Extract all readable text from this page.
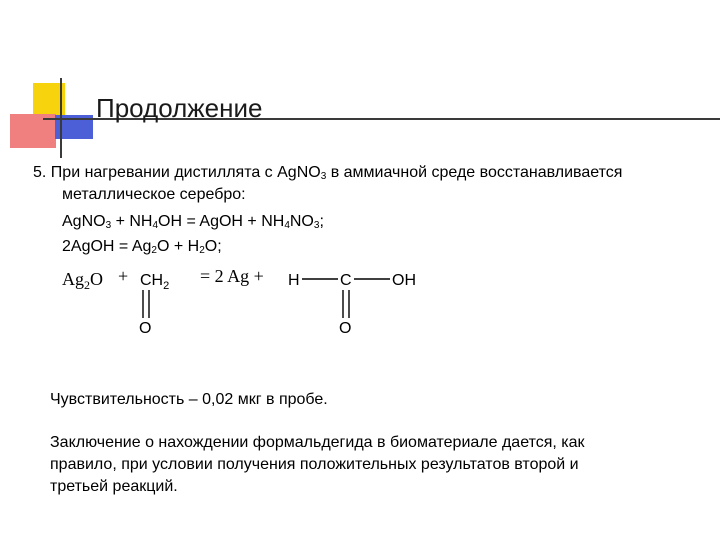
Продолжение
5. При нагревании дистиллята с AgNO$_3$ в аммиачной среде восстанавливается
металлическое серебро:
AgNO$_3$ + $NH_4OH$ = AgOH + $NH_4NO_3$;
2AgOH = $Ag_2O + H_2O$;
$Ag_2O + CH_2$
O
= 2 Ag + H	C	OH
O
Чувствительность – 0,02 мкг в пробе.
Заключение о нахождении формальдегида в биоматериале дается, как
правило, при условии получения положительных результатов второй и
третьей реакций.
